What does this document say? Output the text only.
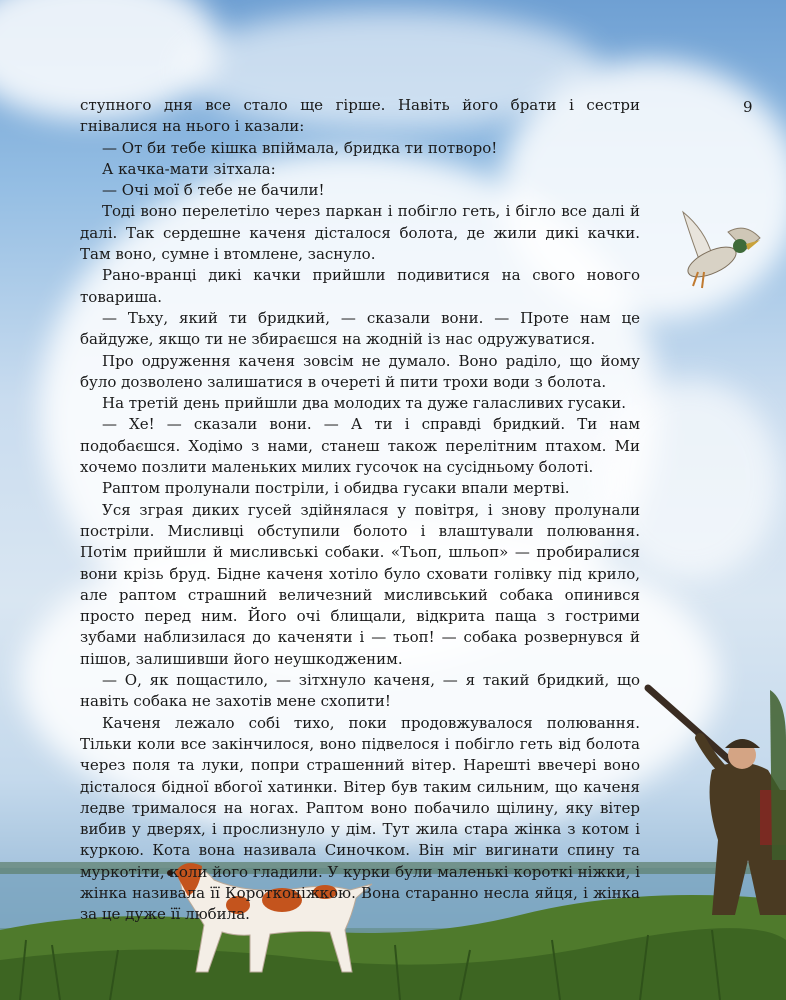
9

ступного дня все стало ще гірше. Навіть його брати і сестри гнівалися на нього і казали:

— От би тебе кішка впіймала, бридка ти потворо!

А качка-мати зітхала:

— Очі мої б тебе не бачили!

Тоді воно перелетіло через паркан і побігло геть, і бігло все далі й далі. Так сердешне каченя дісталося болота, де жили дикі качки. Там воно, сумне і втомлене, заснуло.

Рано-вранці дикі качки прийшли подивитися на свого нового товариша.

— Тьху, який ти бридкий, — сказали вони. — Проте нам це байдуже, якщо ти не збираєшся на жодній із нас одружуватися.

Про одруження каченя зовсім не думало. Воно раділо, що йому було дозволено залишатися в очереті й пити трохи води з болота.

На третій день прийшли два молодих та дуже галасливих гусаки.

— Хе! — сказали вони. — А ти і справді бридкий. Ти нам подобаєшся. Ходімо з нами, станеш також перелітним птахом. Ми хочемо позлити маленьких милих гусочок на сусідньому болоті.

Раптом пролунали постріли, і обидва гусаки впали мертві.

Уся зграя диких гусей здійнялася у повітря, і знову пролунали постріли. Мисливці обступили болото і влаштували полювання. Потім прийшли й мисливські собаки. «Тьоп, шльоп» — пробиралися вони крізь бруд. Бідне каченя хотіло було сховати голівку під крило, але раптом страшний величезний мисливський собака опинився просто перед ним. Його очі блищали, відкрита паща з гострими зубами наблизилася до каченяти і — тьоп! — собака розвернувся й пішов, залишивши його неушкодженим.

— О, як пощастило, — зітхнуло каченя, — я такий бридкий, що навіть собака не захотів мене схопити!

Каченя лежало собі тихо, поки продовжувалося полювання. Тільки коли все закінчилося, воно підвелося і побігло геть від болота через поля та луки, попри страшенний вітер. Нарешті ввечері воно дісталося бідної вбогої хатинки. Вітер був таким сильним, що каченя ледве трималося на ногах. Раптом воно побачило щілину, яку вітер вибив у дверях, і прослизнуло у дім. Тут жила стара жінка з котом і куркою. Кота вона називала Синочком. Він міг вигинати спину та муркотіти, коли його гладили. У курки були маленькі короткі ніжки, і жінка називала її Коротконіжкою. Вона старанно несла яйця, і жінка за це дуже її любила.
